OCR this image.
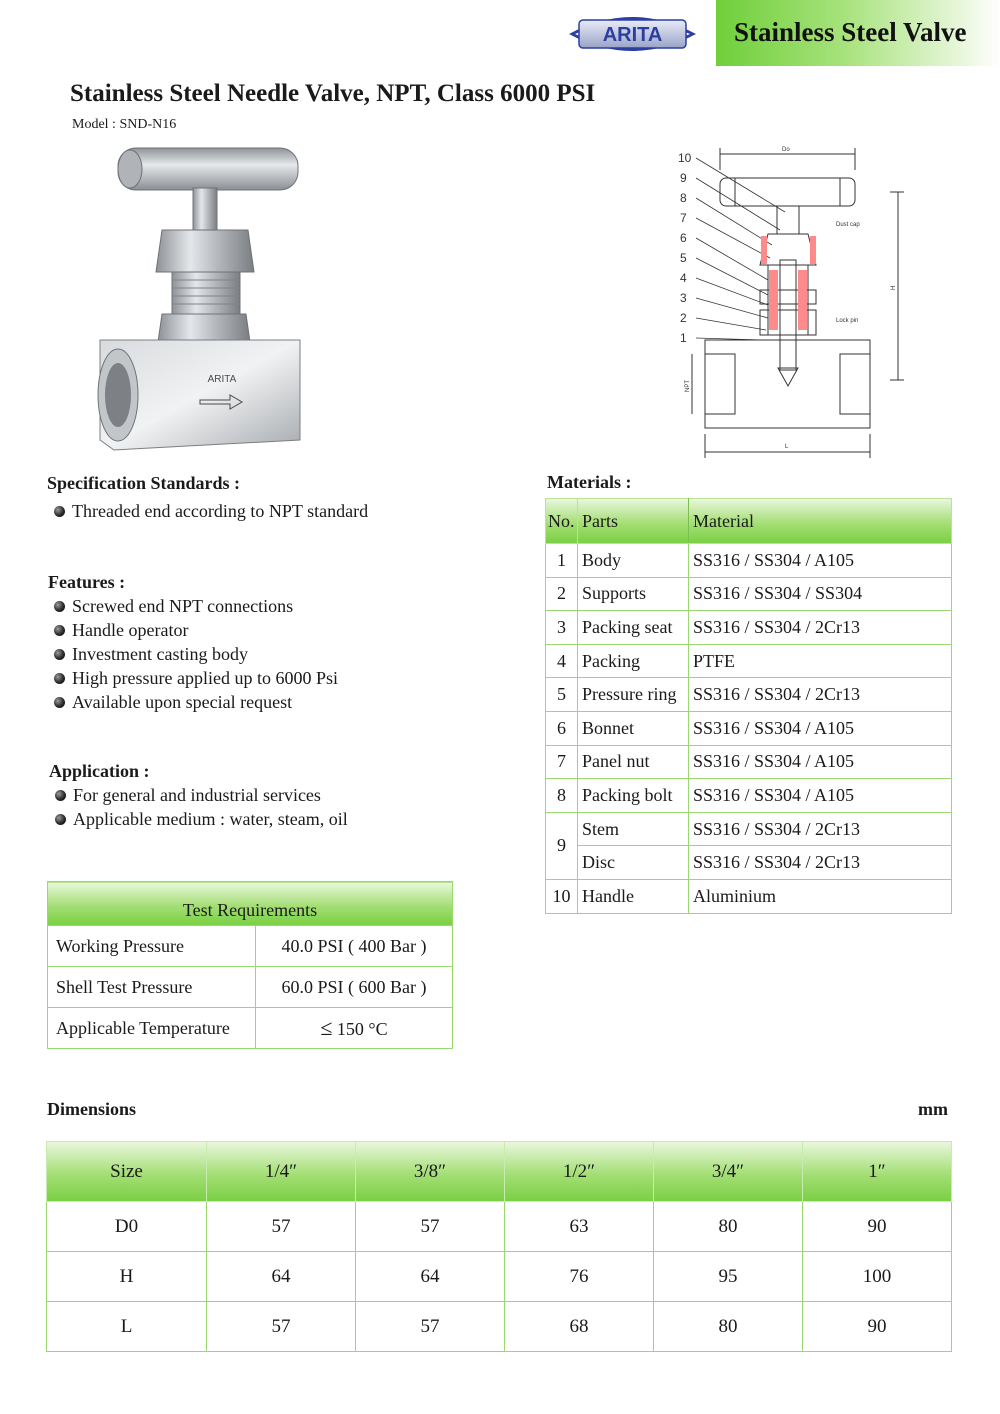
ARITA	Stainless Steel Valve
Stainless Steel Needle Valve, NPT, Class 6000 PSI
Model : SND-N16
ARITA
10
9
8
7
6
5
4
3
2
1
Do
Dust cap
Lock pin
NPT
L
H
Specification Standards :
Threaded end according to NPT standard
Features :
Screwed end NPT connections
Handle operator
Investment casting body
High pressure applied up to 6000 Psi
Available upon special request
Application :
For general and industrial services
Applicable medium : water, steam, oil
Test Requirements	
Working Pressure	40.0 PSI ( 400 Bar )
Shell Test Pressure	60.0 PSI ( 600 Bar )
Applicable Temperature	≤ 150 °C
Materials :
No.	Parts	Material
1	Body	SS316 / SS304 / A105
2	Supports	SS316 / SS304 / SS304
3	Packing seat	SS316 / SS304 / 2Cr13
4	Packing	PTFE
5	Pressure ring	SS316 / SS304 / 2Cr13
6	Bonnet	SS316 / SS304 / A105
7	Panel nut	SS316 / SS304 / A105
8	Packing bolt	SS316 / SS304 / A105
9	Stem	SS316 / SS304 / 2Cr13
	Disc	SS316 / SS304 / 2Cr13
10	Handle	Aluminium
Dimensions	mm
Size	1/4″	3/8″	1/2″	3/4″	1″
D0	57	57	63	80	90
H	64	64	76	95	100
L	57	57	68	80	90
